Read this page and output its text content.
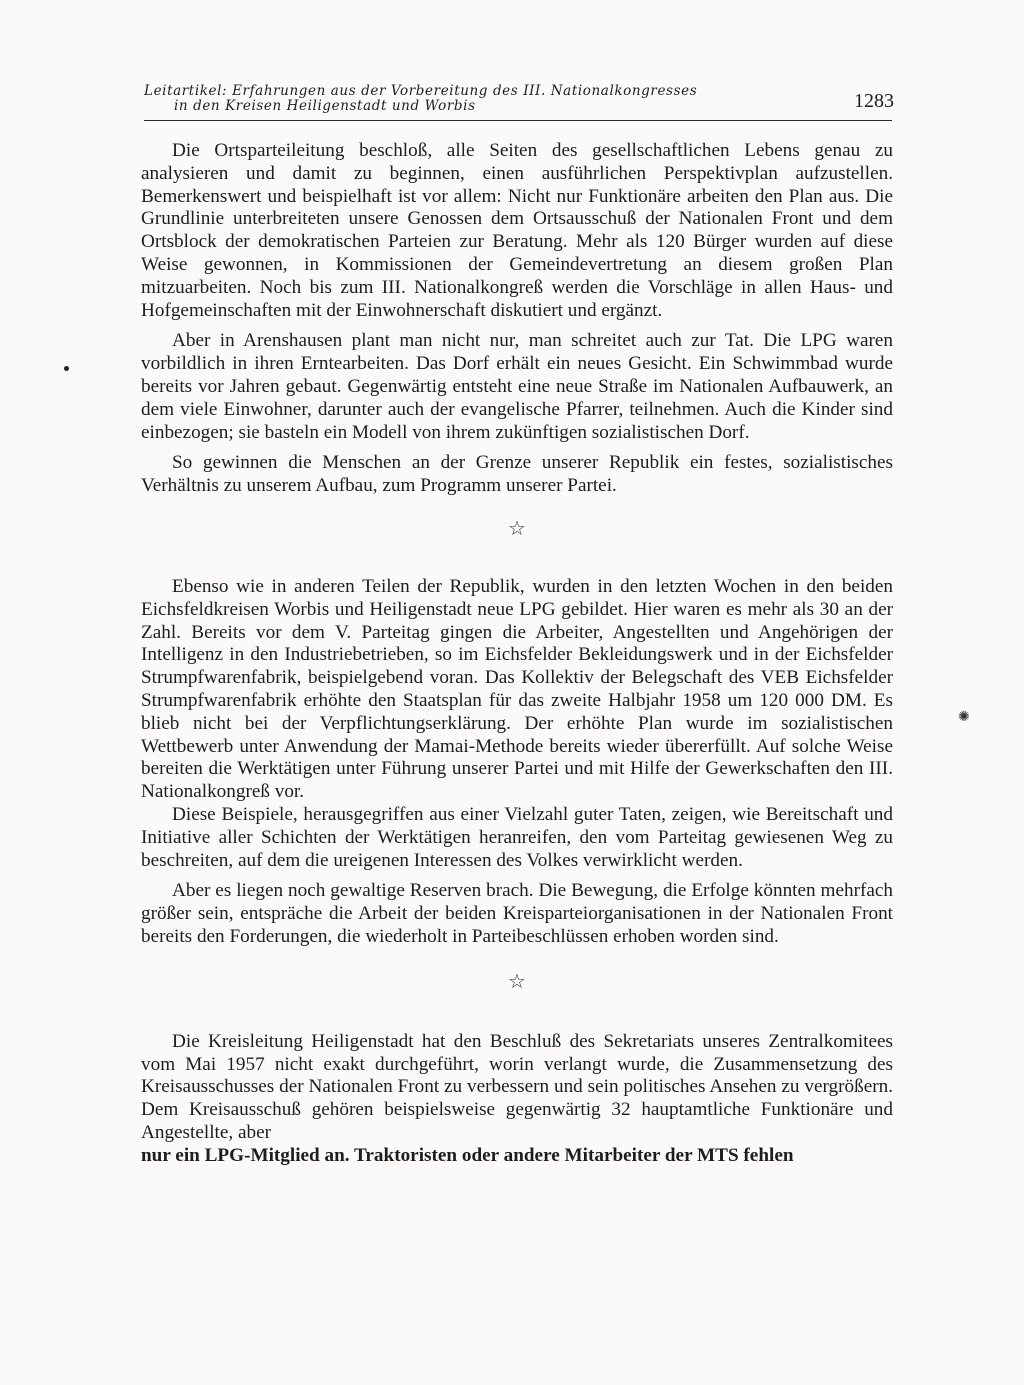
Leitartikel: Erfahrungen aus der Vorbereitung des III. Nationalkongresses
in den Kreisen Heiligenstadt und Worbis	1283
✺

Die Ortsparteileitung beschloß, alle Seiten des gesellschaftlichen Lebens genau zu analysieren und damit zu beginnen, einen ausführlichen Perspektivplan aufzustellen. Bemerkenswert und beispielhaft ist vor allem: Nicht nur Funktionäre arbeiten den Plan aus. Die Grundlinie unterbreiteten unsere Genossen dem Ortsausschuß der Nationalen Front und dem Ortsblock der demokratischen Parteien zur Beratung. Mehr als 120 Bürger wurden auf diese Weise gewonnen, in Kommissionen der Gemeindevertretung an diesem großen Plan mitzuarbeiten. Noch bis zum III. Nationalkongreß werden die Vorschläge in allen Haus- und Hofgemeinschaften mit der Einwohnerschaft diskutiert und ergänzt.

Aber in Arenshausen plant man nicht nur, man schreitet auch zur Tat. Die LPG waren vorbildlich in ihren Erntearbeiten. Das Dorf erhält ein neues Gesicht. Ein Schwimmbad wurde bereits vor Jahren gebaut. Gegenwärtig entsteht eine neue Straße im Nationalen Aufbauwerk, an dem viele Einwohner, darunter auch der evangelische Pfarrer, teilnehmen. Auch die Kinder sind einbezogen; sie basteln ein Modell von ihrem zukünftigen sozialistischen Dorf.

So gewinnen die Menschen an der Grenze unserer Republik ein festes, sozialistisches Verhältnis zu unserem Aufbau, zum Programm unserer Partei.

☆

Ebenso wie in anderen Teilen der Republik, wurden in den letzten Wochen in den beiden Eichsfeldkreisen Worbis und Heiligenstadt neue LPG gebildet. Hier waren es mehr als 30 an der Zahl. Bereits vor dem V. Parteitag gingen die Arbeiter, Angestellten und Angehörigen der Intelligenz in den Industriebetrieben, so im Eichsfelder Bekleidungswerk und in der Eichsfelder Strumpfwarenfabrik, beispielgebend voran. Das Kollektiv der Belegschaft des VEB Eichsfelder Strumpfwarenfabrik erhöhte den Staatsplan für das zweite Halbjahr 1958 um 120 000 DM. Es blieb nicht bei der Verpflichtungserklärung. Der erhöhte Plan wurde im sozialistischen Wettbewerb unter Anwendung der Mamai-Methode bereits wieder übererfüllt. Auf solche Weise bereiten die Werktätigen unter Führung unserer Partei und mit Hilfe der Gewerkschaften den III. Nationalkongreß vor.

Diese Beispiele, herausgegriffen aus einer Vielzahl guter Taten, zeigen, wie Bereitschaft und Initiative aller Schichten der Werktätigen heranreifen, den vom Parteitag gewiesenen Weg zu beschreiten, auf dem die ureigenen Interessen des Volkes verwirklicht werden.

Aber es liegen noch gewaltige Reserven brach. Die Bewegung, die Erfolge könnten mehrfach größer sein, entspräche die Arbeit der beiden Kreisparteiorganisationen in der Nationalen Front bereits den Forderungen, die wiederholt in Parteibeschlüssen erhoben worden sind.

☆

Die Kreisleitung Heiligenstadt hat den Beschluß des Sekretariats unseres Zentralkomitees vom Mai 1957 nicht exakt durchgeführt, worin verlangt wurde, die Zusammensetzung des Kreisausschusses der Nationalen Front zu verbessern und sein politisches Ansehen zu vergrößern. Dem Kreisausschuß gehören beispielsweise gegenwärtig 32 hauptamtliche Funktionäre und Angestellte, aber

nur ein LPG-Mitglied an. Traktoristen oder andere Mitarbeiter der MTS fehlen
